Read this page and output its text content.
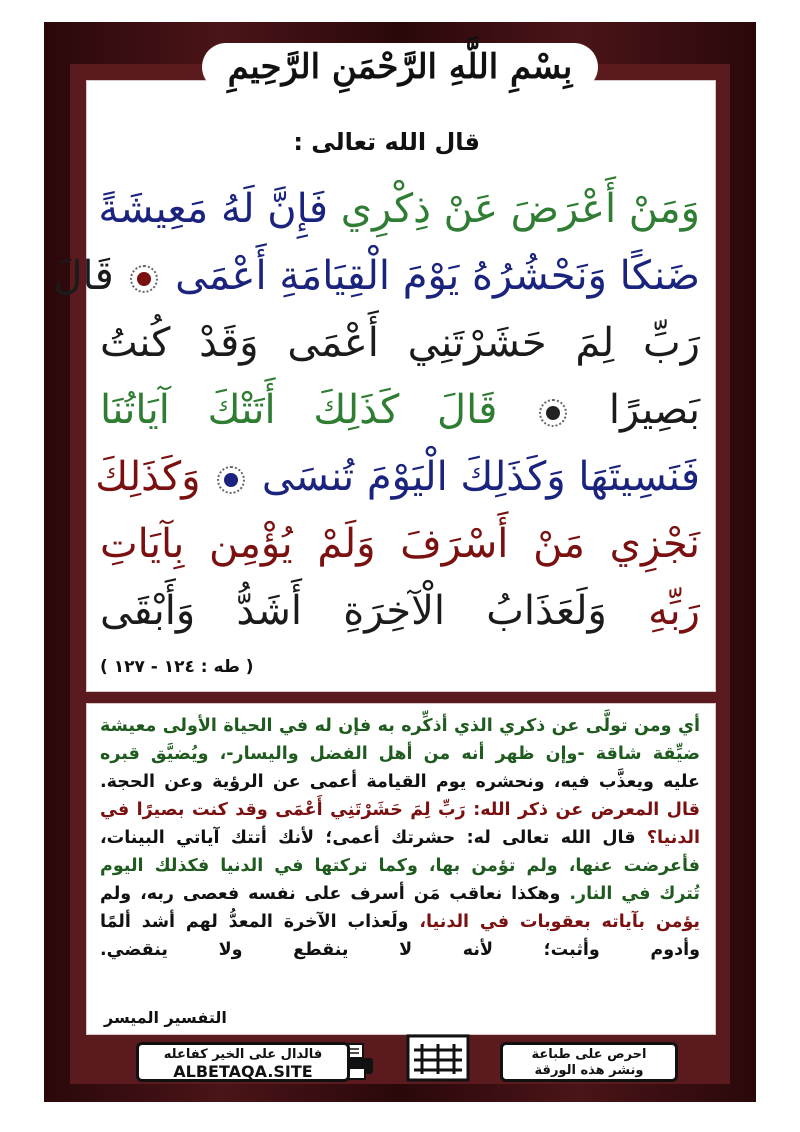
بِسْمِ اللَّهِ الرَّحْمَنِ الرَّحِيمِ
قال الله تعالى :
وَمَنْ أَعْرَضَ عَنْ ذِكْرِي فَإِنَّ لَهُ مَعِيشَةً
ضَنكًا وَنَحْشُرُهُ يَوْمَ الْقِيَامَةِ أَعْمَى  قَالَ
رَبِّ لِمَ حَشَرْتَنِي أَعْمَى وَقَدْ كُنتُ
بَصِيرًا  قَالَ كَذَلِكَ أَتَتْكَ آيَاتُنَا
فَنَسِيتَهَا وَكَذَلِكَ الْيَوْمَ تُنسَى  وَكَذَلِكَ
نَجْزِي مَنْ أَسْرَفَ وَلَمْ يُؤْمِن بِآيَاتِ
رَبِّهِ وَلَعَذَابُ الْآخِرَةِ أَشَدُّ وَأَبْقَى
( طه : ١٢٤ - ١٢٧ )
أي ومن تولَّى عن ذكري الذي أذكِّره به فإن له في الحياة الأولى معيشة
ضيِّقة شاقة -وإن ظهر أنه من أهل الفضل واليسار-، ويُضيَّق قبره
عليه ويعذَّب فيه، ونحشره يوم القيامة أعمى عن الرؤية وعن الحجة.
قال المعرض عن ذكر الله: رَبِّ لِمَ حَشَرْتَنِي أَعْمَى وقد كنت بصيرًا في
الدنيا؟ قال الله تعالى له: حشرتك أعمى؛ لأنك أتتك آياتي البينات،
فأعرضت عنها، ولم تؤمن بها، وكما تركتها في الدنيا فكذلك اليوم
تُترك في النار. وهكذا نعاقب مَن أسرف على نفسه فعصى ربه، ولم
يؤمن بآياته بعقوبات في الدنيا، ولَعذاب الآخرة المعدُّ لهم أشد ألمًا
وأدوم وأثبت؛ لأنه لا ينقطع ولا ينقضي.
التفسير الميسر
احرص على طباعة
ونشر هذه الورقة
فالدال على الخير كفاعله
ALBETAQA.SITE
